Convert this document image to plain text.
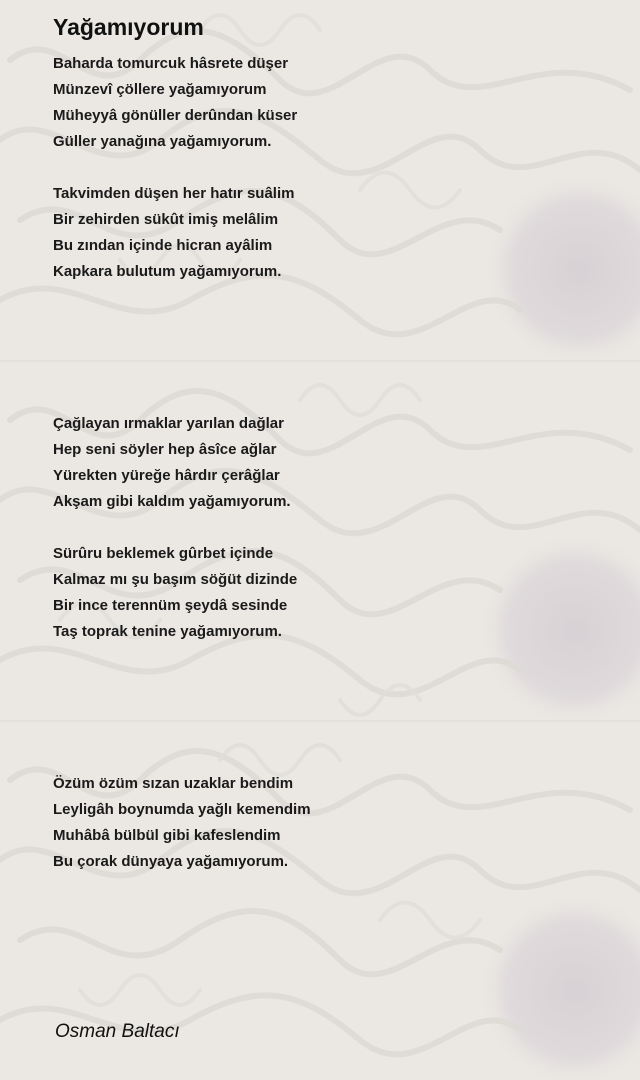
Yağamıyorum
Baharda tomurcuk hâsrete düşer
Münzevî çöllere yağamıyorum
Müheyyâ gönüller derûndan küser
Güller yanağına yağamıyorum.
Takvimden düşen her hatır suâlim
Bir zehirden sükût imiş melâlim
Bu zından içinde hicran ayâlim
Kapkara bulutum yağamıyorum.
Çağlayan ırmaklar yarılan dağlar
Hep seni söyler hep âsîce ağlar
Yürekten yüreğe hârdır çerâğlar
Akşam gibi kaldım yağamıyorum.
Sürûru beklemek gûrbet içinde
Kalmaz mı şu başım söğüt dizinde
Bir ince terennüm şeydâ sesinde
Taş toprak tenine yağamıyorum.
Özüm özüm sızan uzaklar bendim
Leyligâh boynumda yağlı kemendim
Muhâbâ bülbül gibi kafeslendim
Bu çorak dünyaya yağamıyorum.
Osman Baltacı
